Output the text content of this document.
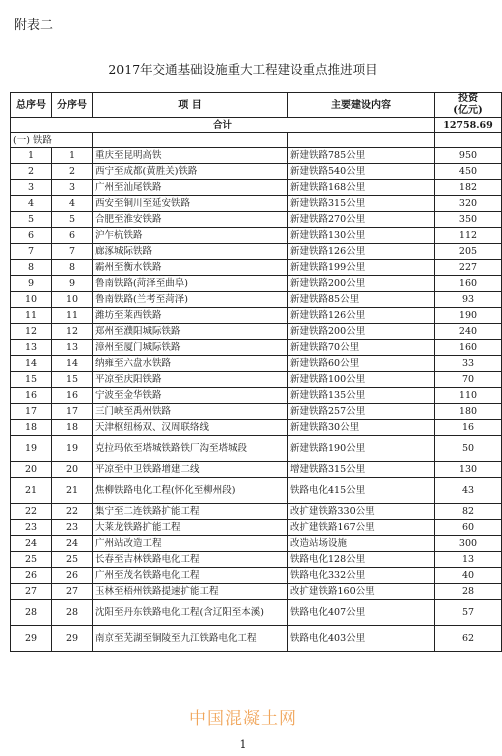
附表二
2017年交通基础设施重大工程建设重点推进项目
总序号	分序号	项 目	主要建设内容	投资
(亿元)
合计				12758.69
(一) 铁路				
1	1	重庆至昆明高铁	新建铁路785公里	950
2	2	西宁至成都(黄胜关)铁路	新建铁路540公里	450
3	3	广州至汕尾铁路	新建铁路168公里	182
4	4	西安至铜川至延安铁路	新建铁路315公里	320
5	5	合肥至淮安铁路	新建铁路270公里	350
6	6	沪乍杭铁路	新建铁路130公里	112
7	7	廊涿城际铁路	新建铁路126公里	205
8	8	霸州至衡水铁路	新建铁路199公里	227
9	9	鲁南铁路(菏泽至曲阜)	新建铁路200公里	160
10	10	鲁南铁路(兰考至菏泽)	新建铁路85公里	93
11	11	潍坊至莱西铁路	新建铁路126公里	190
12	12	郑州至濮阳城际铁路	新建铁路200公里	240
13	13	漳州至厦门城际铁路	新建铁路70公里	160
14	14	纳雍至六盘水铁路	新建铁路60公里	33
15	15	平凉至庆阳铁路	新建铁路100公里	70
16	16	宁波至金华铁路	新建铁路135公里	110
17	17	三门峡至禹州铁路	新建铁路257公里	180
18	18	天津枢纽杨双、汉周联络线	新建铁路30公里	16
19	19	克拉玛依至塔城铁路铁厂沟至塔城段	新建铁路190公里	50
20	20	平凉至中卫铁路增建二线	增建铁路315公里	130
21	21	焦柳铁路电化工程(怀化至柳州段)	铁路电化415公里	43
22	22	集宁至二连铁路扩能工程	改扩建铁路330公里	82
23	23	大莱龙铁路扩能工程	改扩建铁路167公里	60
24	24	广州站改造工程	改造站场设施	300
25	25	长春至吉林铁路电化工程	铁路电化128公里	13
26	26	广州至茂名铁路电化工程	铁路电化332公里	40
27	27	玉林至梧州铁路提速扩能工程	改扩建铁路160公里	28
28	28	沈阳至丹东铁路电化工程(含辽阳至本溪)	铁路电化407公里	57
29	29	南京至芜湖至铜陵至九江铁路电化工程	铁路电化403公里	62
中国混凝土网
1
